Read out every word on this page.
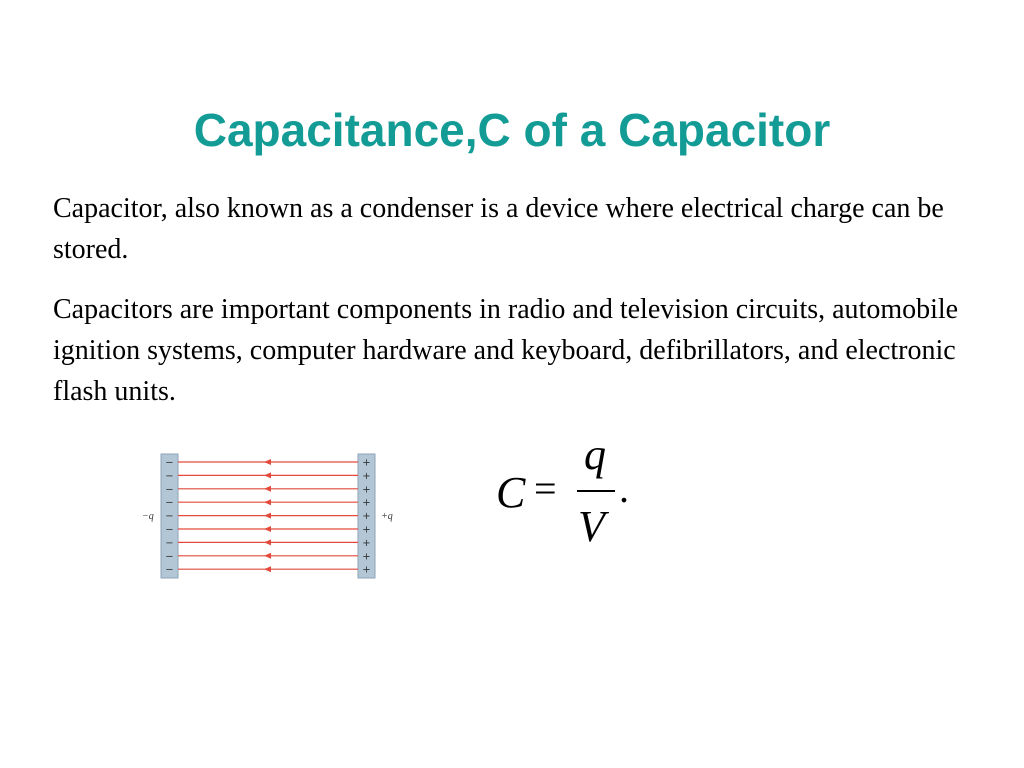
Capacitance,C of a Capacitor

Capacitor, also known as a condenser is a device where electrical charge can be stored.

Capacitors are important components in radio and television circuits, automobile ignition systems, computer hardware and keyboard, defibrillators, and electronic flash units.

−q
−
−
−
−
−
−
−
−
−
+
+
+
+
+
+
+
+
+
+q C =
q
V
.
